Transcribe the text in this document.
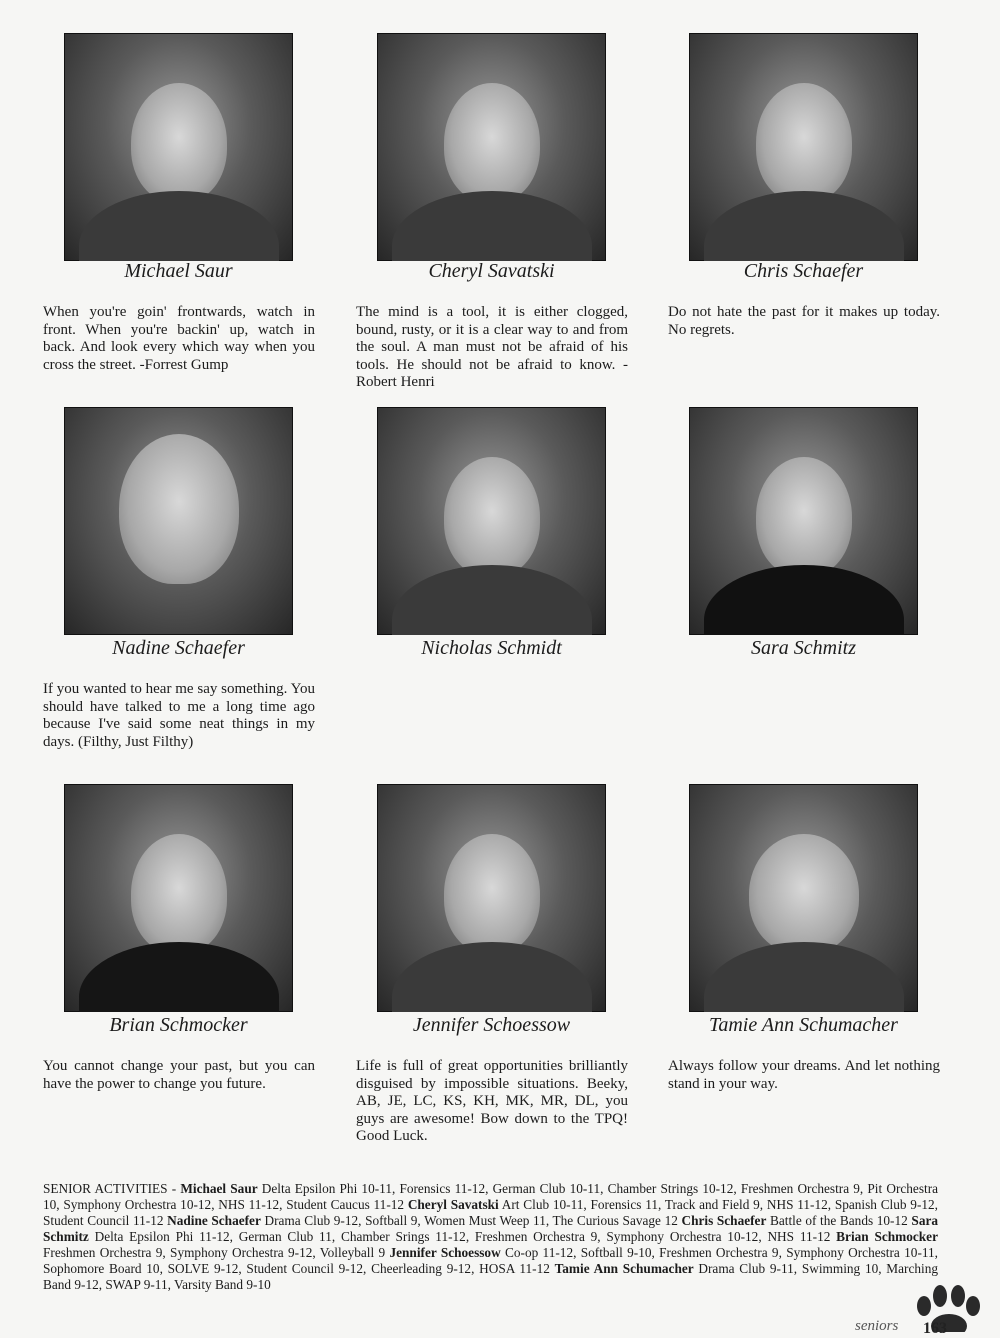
Michael Saur
When you're goin' frontwards, watch in front. When you're backin' up, watch in back. And look every which way when you cross the street. -Forrest Gump
Cheryl Savatski
The mind is a tool, it is either clogged, bound, rusty, or it is a clear way to and from the soul. A man must not be afraid of his tools. He should not be afraid to know. - Robert Henri
Chris Schaefer
Do not hate the past for it makes up today. No regrets.
Nadine Schaefer
If you wanted to hear me say something. You should have talked to me a long time ago because I've said some neat things in my days. (Filthy, Just Filthy)
Nicholas Schmidt	Sara Schmitz
Brian Schmocker
You cannot change your past, but you can have the power to change you future.
Jennifer Schoessow
Life is full of great opportunities brilliantly disguised by impossible situations. Beeky, AB, JE, LC, KS, KH, MK, MR, DL, you guys are awesome! Bow down to the TPQ! Good Luck.
Tamie Ann Schumacher
Always follow your dreams. And let nothing stand in your way.
SENIOR ACTIVITIES - Michael Saur Delta Epsilon Phi 10-11, Forensics 11-12, German Club 10-11, Chamber Strings 10-12, Freshmen Orchestra 9, Pit Orchestra 10, Symphony Orchestra 10-12, NHS 11-12, Student Caucus 11-12 Cheryl Savatski Art Club 10-11, Forensics 11, Track and Field 9, NHS 11-12, Spanish Club 9-12, Student Council 11-12 Nadine Schaefer Drama Club 9-12, Softball 9, Women Must Weep 11, The Curious Savage 12 Chris Schaefer Battle of the Bands 10-12 Sara Schmitz Delta Epsilon Phi 11-12, German Club 11, Chamber Srings 11-12, Freshmen Orchestra 9, Symphony Orchestra 10-12, NHS 11-12 Brian Schmocker Freshmen Orchestra 9, Symphony Orchestra 9-12, Volleyball 9 Jennifer Schoessow Co-op 11-12, Softball 9-10, Freshmen Orchestra 9, Symphony Orchestra 10-11, Sophomore Board 10, SOLVE 9-12, Student Council 9-12, Cheerleading 9-12, HOSA 11-12 Tamie Ann Schumacher Drama Club 9-11, Swimming 10, Marching Band 9-12, SWAP 9-11, Varsity Band 9-10
seniors 163
